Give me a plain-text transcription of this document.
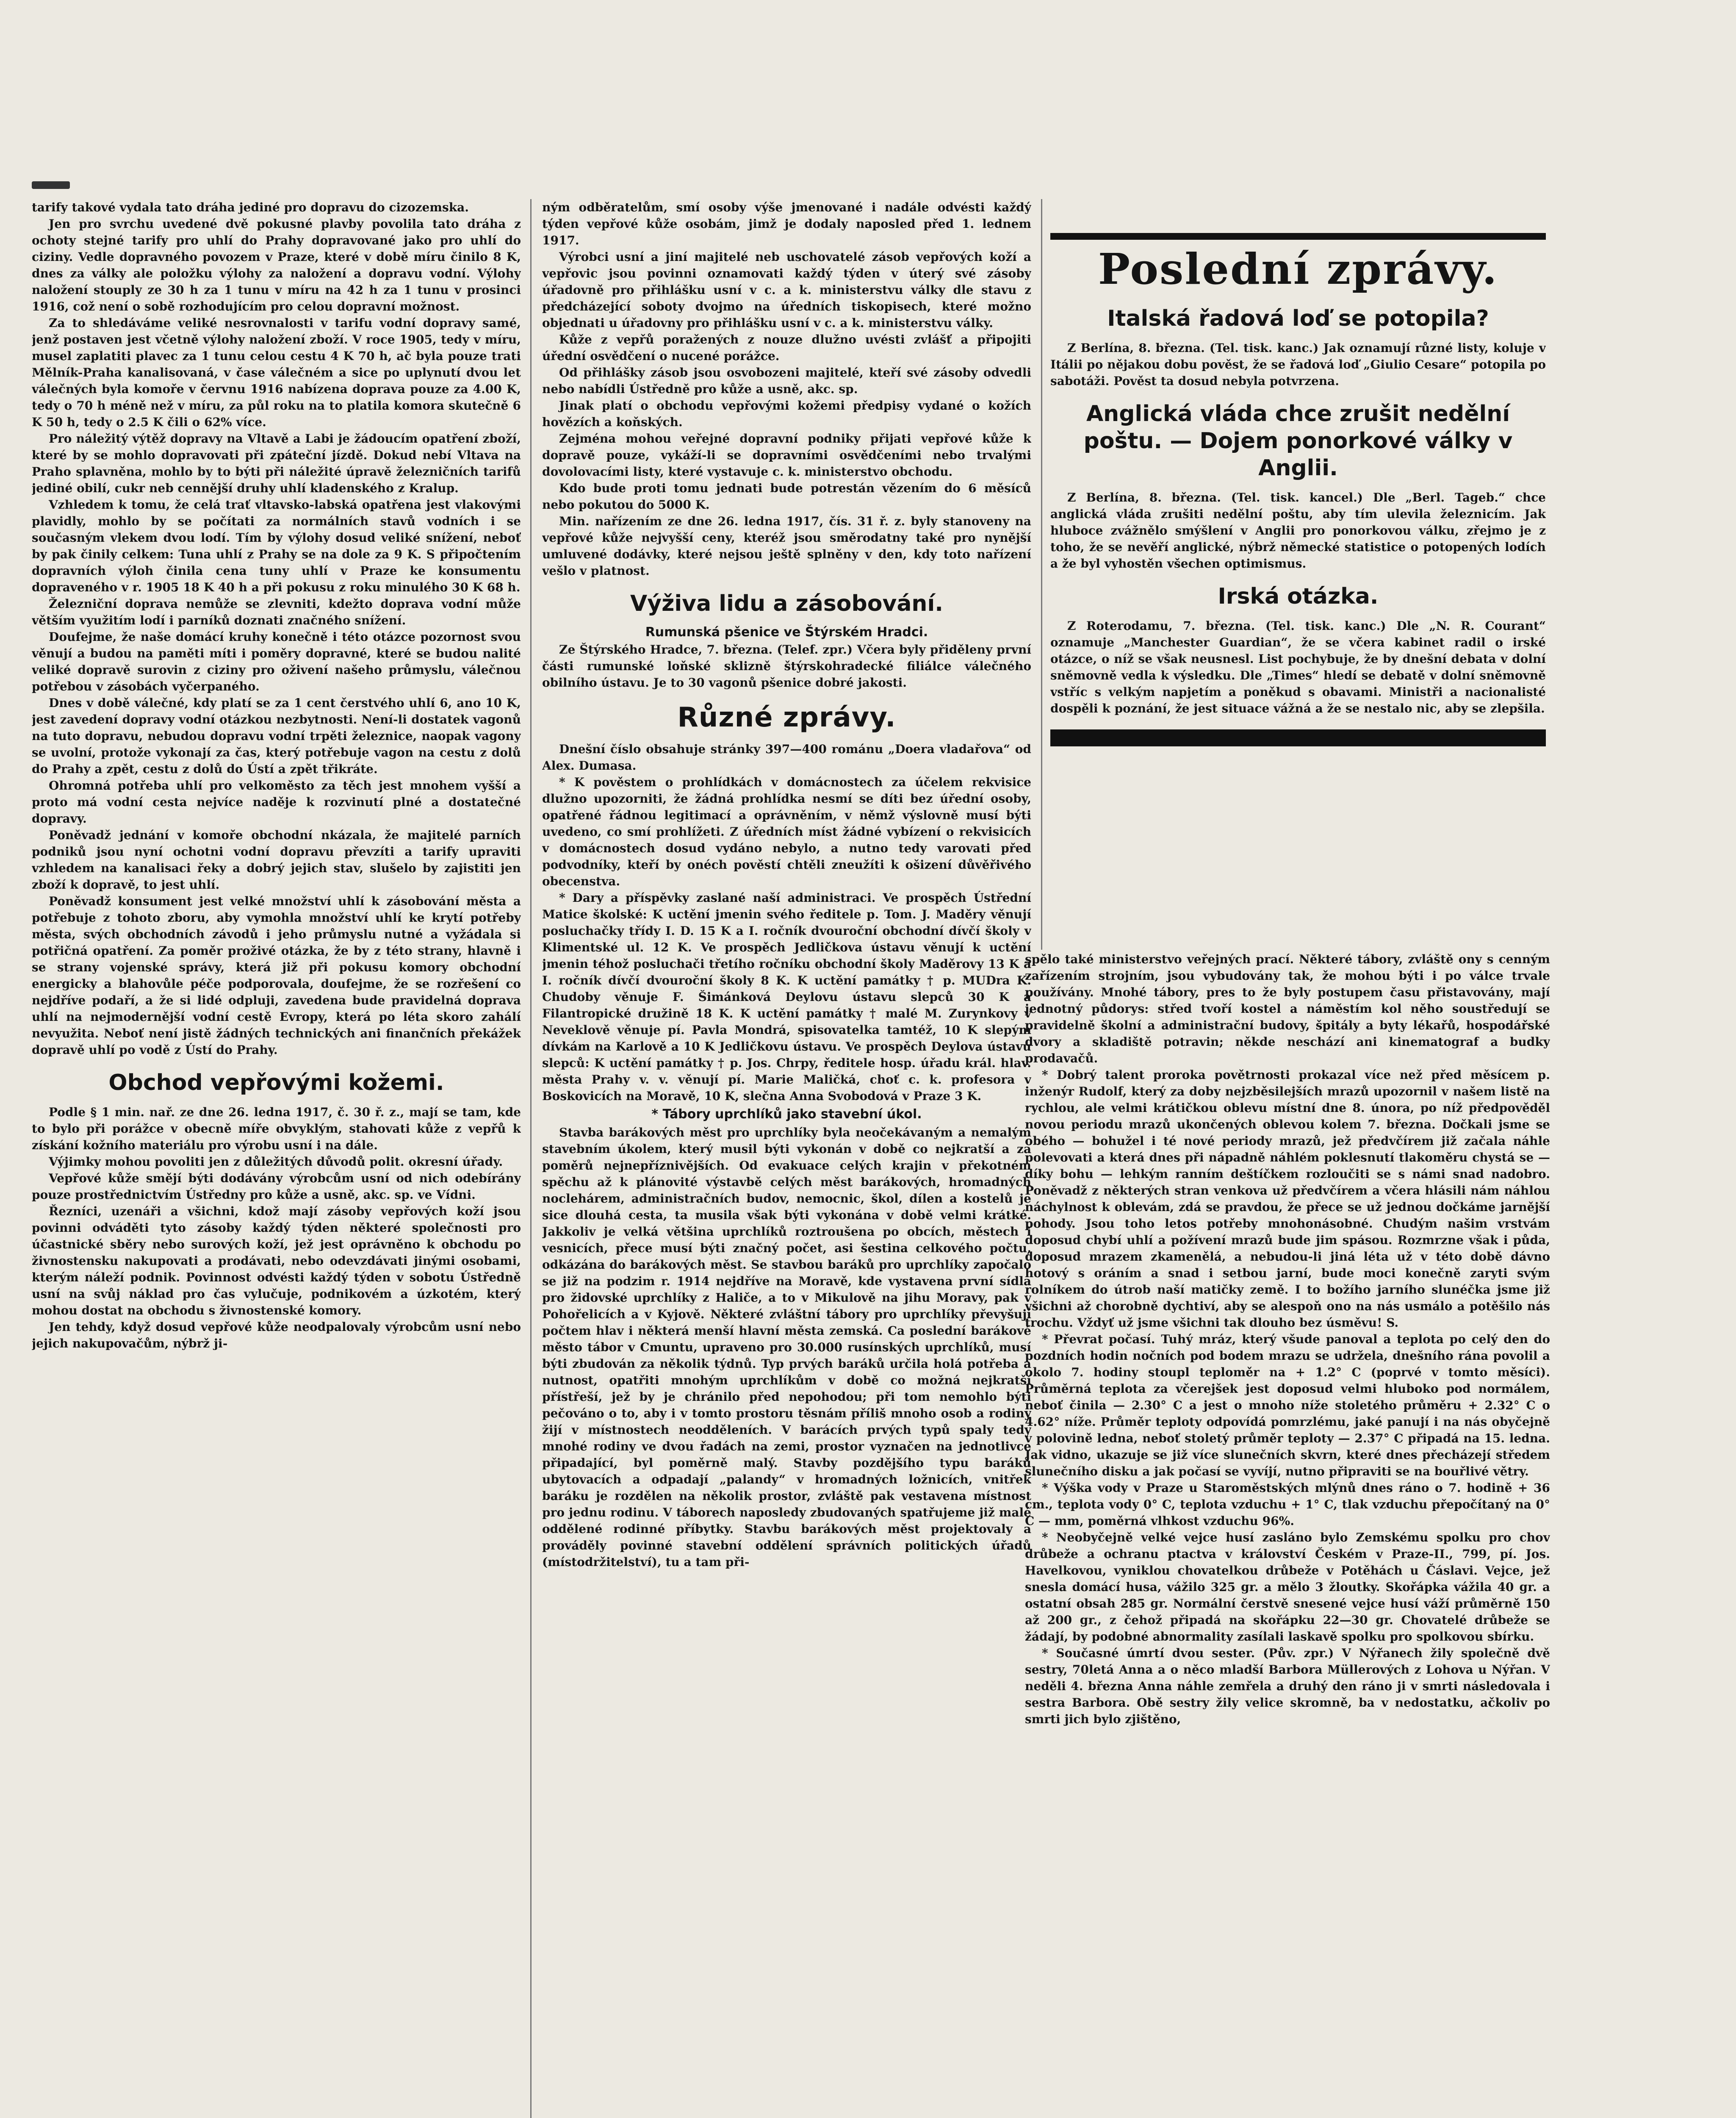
tarify takové vydala tato dráha jediné pro dopravu do cizozemska.

Jen pro svrchu uvedené dvě pokusné plavby povolila tato dráha z ochoty stejné tarify pro uhlí do Prahy dopravované jako pro uhlí do ciziny. Vedle dopravného povozem v Praze, které v době míru činilo 8 K, dnes za války ale položku výlohy za naložení a dopravu vodní. Výlohy naložení stouply ze 30 h za 1 tunu v míru na 42 h za 1 tunu v prosinci 1916, což není o sobě rozhodujícím pro celou dopravní možnost.

Za to shledáváme veliké nesrovnalosti v tarifu vodní dopravy samé, jenž postaven jest včetně výlohy naložení zboží. V roce 1905, tedy v míru, musel zaplatiti plavec za 1 tunu celou cestu 4 K 70 h, ač byla pouze trati Mělník-Praha kanalisovaná, v čase válečném a sice po uplynutí dvou let válečných byla komoře v červnu 1916 nabízena doprava pouze za 4.00 K, tedy o 70 h méně než v míru, za půl roku na to platila komora skutečně 6 K 50 h, tedy o 2.5 K čili o 62% více.

Pro náležitý výtěž dopravy na Vltavě a Labi je žádoucím opatření zboží, které by se mohlo dopravovati při zpáteční jízdě. Dokud nebí Vltava na Praho splavněna, mohlo by to býti při náležité úpravě železničních tarifů jediné obilí, cukr neb cennější druhy uhlí kladenského z Kralup.

Vzhledem k tomu, že celá trať vltavsko-labská opatřena jest vlakovými plavidly, mohlo by se počítati za normálních stavů vodních i se současným vlekem dvou lodí. Tím by výlohy dosud veliké snížení, neboť by pak činily celkem: Tuna uhlí z Prahy se na dole za 9 K. S připočtením dopravních výloh činila cena tuny uhlí v Praze ke konsumentu dopraveného v r. 1905 18 K 40 h a při pokusu z roku minulého 30 K 68 h.

Železniční doprava nemůže se zlevniti, kdežto doprava vodní může větším využitím lodí i parníků doznati značného snížení.

Doufejme, že naše domácí kruhy konečně i této otázce pozornost svou věnují a budou na paměti míti i poměry dopravné, které se budou nalité veliké dopravě surovin z ciziny pro oživení našeho průmyslu, válečnou potřebou v zásobách vyčerpaného.

Dnes v době válečné, kdy platí se za 1 cent čerstvého uhlí 6, ano 10 K, jest zavedení dopravy vodní otázkou nezbytnosti. Není-li dostatek vagonů na tuto dopravu, nebudou dopravu vodní trpěti železnice, naopak vagony se uvolní, protože vykonají za čas, který potřebuje vagon na cestu z dolů do Prahy a zpět, cestu z dolů do Ústí a zpět třikráte.

Ohromná potřeba uhlí pro velkoměsto za těch jest mnohem vyšší a proto má vodní cesta nejvíce naděje k rozvinutí plné a dostatečné dopravy.

Poněvadž jednání v komoře obchodní nkázala, že majitelé parních podniků jsou nyní ochotni vodní dopravu převzíti a tarify upraviti vzhledem na kanalisaci řeky a dobrý jejich stav, slušelo by zajistiti jen zboží k dopravě, to jest uhlí.

Poněvadž konsument jest velké množství uhlí k zásobování města a potřebuje z tohoto zboru, aby vymohla množství uhlí ke krytí potřeby města, svých obchodních závodů i jeho průmyslu nutné a vyžádala si potřičná opatření. Za poměr proživé otázka, že by z této strany, hlavně i se strany vojenské správy, která již při pokusu komory obchodní energicky a blahovůle péče podporovala, doufejme, že se rozřešení co nejdříve podaří, a že si lidé odpluji, zavedena bude pravidelná doprava uhlí na nejmodernější vodní cestě Evropy, která po léta skoro zahálí nevyužita. Neboť není jistě žádných technických ani finančních překážek dopravě uhlí po vodě z Ústí do Prahy.

Obchod vepřovými kožemi.

Podle § 1 min. nař. ze dne 26. ledna 1917, č. 30 ř. z., mají se tam, kde to bylo při porážce v obecně míře obvyklým, stahovati kůže z vepřů k získání kožního materiálu pro výrobu usní i na dále.

Výjimky mohou povoliti jen z důležitých důvodů polit. okresní úřady.

Vepřové kůže smějí býti dodávány výrobcům usní od nich odebírány pouze prostřednictvím Ústředny pro kůže a usně, akc. sp. ve Vídni.

Řezníci, uzenáři a všichni, kdož mají zásoby vepřových koží jsou povinni odváděti tyto zásoby každý týden některé společnosti pro účastnické sběry nebo surových koží, jež jest oprávněno k obchodu po živnostensku nakupovati a prodávati, nebo odevzdávati jinými osobami, kterým náleží podnik. Povinnost odvésti každý týden v sobotu Ústředně usní na svůj náklad pro čas vylučuje, podnikovém a úzkotém, který mohou dostat na obchodu s živnostenské komory.

Jen tehdy, když dosud vepřové kůže neodpalovaly výrobcům usní nebo jejich nakupovačům, nýbrž ji-

ným odběratelům, smí osoby výše jmenované i nadále odvésti každý týden vepřové kůže osobám, jimž je dodaly naposled před 1. lednem 1917.

Výrobci usní a jiní majitelé neb uschovatelé zásob vepřových koží a vepřovic jsou povinni oznamovati každý týden v úterý své zásoby úřadovně pro přihlášku usní v c. a k. ministerstvu války dle stavu z předcházející soboty dvojmo na úředních tiskopisech, které možno objednati u úřadovny pro přihlášku usní v c. a k. ministerstvu války.

Kůže z vepřů poražených z nouze dlužno uvésti zvlášť a připojiti úřední osvědčení o nucené porážce.

Od přihlášky zásob jsou osvobozeni majitelé, kteří své zásoby odvedli nebo nabídli Ústředně pro kůže a usně, akc. sp.

Jinak platí o obchodu vepřovými kožemi předpisy vydané o kožích hovězích a koňských.

Zejména mohou veřejné dopravní podniky přijati vepřové kůže k dopravě pouze, vykáží-li se dopravními osvědčeními nebo trvalými dovolovacími listy, které vystavuje c. k. ministerstvo obchodu.

Kdo bude proti tomu jednati bude potrestán vězením do 6 měsíců nebo pokutou do 5000 K.

Min. nařízením ze dne 26. ledna 1917, čís. 31 ř. z. byly stanoveny na vepřové kůže nejvyšší ceny, kteréž jsou směrodatny také pro nynější umluvené dodávky, které nejsou ještě splněny v den, kdy toto nařízení vešlo v platnost.

Výživa lidu a zásobování.
Rumunská pšenice ve Štýrském Hradci.

Ze Štýrského Hradce, 7. března. (Telef. zpr.) Včera byly přiděleny první části rumunské loňské sklizně štýrskohradecké filiálce válečného obilního ústavu. Je to 30 vagonů pšenice dobré jakosti.

Různé zprávy.

Dnešní číslo obsahuje stránky 397—400 románu „Doera vladařova“ od Alex. Dumasa.

* K pověstem o prohlídkách v domácnostech za účelem rekvisice dlužno upozorniti, že žádná prohlídka nesmí se díti bez úřední osoby, opatřené řádnou legitimací a oprávněním, v němž výslovně musí býti uvedeno, co smí prohlížeti. Z úředních míst žádné vybízení o rekvisicích v domácnostech dosud vydáno nebylo, a nutno tedy varovati před podvodníky, kteří by onéch pověstí chtěli zneužíti k ošizení důvěřivého obecenstva.

* Dary a příspěvky zaslané naší administraci. Ve prospěch Ústřední Matice školské: K uctění jmenin svého ředitele p. Tom. J. Maděry věnují posluchačky třídy I. D. 15 K a I. ročník dvouroční obchodní dívčí školy v Klimentské ul. 12 K. Ve prospěch Jedličkova ústavu věnují k uctění jmenin téhož posluchači třetího ročníku obchodní školy Maděrovy 13 K a I. ročník dívčí dvouroční školy 8 K. K uctění památky † p. MUDra K. Chudoby věnuje F. Šimánková Deylovu ústavu slepců 30 K a Filantropické družině 18 K. K uctění památky † malé M. Zurynkovy v Neveklově věnuje pí. Pavla Mondrá, spisovatelka tamtéž, 10 K slepým dívkám na Karlově a 10 K Jedličkovu ústavu. Ve prospěch Deylova ústavu slepců: K uctění památky † p. Jos. Chrpy, ředitele hosp. úřadu král. hlav. města Prahy v. v. věnují pí. Marie Maličká, choť c. k. profesora v Boskovicích na Moravě, 10 K, slečna Anna Svobodová v Praze 3 K.

* Tábory uprchlíků jako stavební úkol.

Stavba barákových měst pro uprchlíky byla neočekávaným a nemalým stavebním úkolem, který musil býti vykonán v době co nejkratší a za poměrů nejnepříznivějších. Od evakuace celých krajin v překotném spěchu až k plánovité výstavbě celých měst barákových, hromadných noclehárem, administračních budov, nemocnic, škol, dílen a kostelů je sice dlouhá cesta, ta musila však býti vykonána v době velmi krátké. Jakkoliv je velká většina uprchlíků roztroušena po obcích, městech i vesnicích, přece musí býti značný počet, asi šestina celkového počtu, odkázána do barákových měst. Se stavbou baráků pro uprchlíky započalo se již na podzim r. 1914 nejdříve na Moravě, kde vystavena první sídla pro židovské uprchlíky z Haliče, a to v Mikulově na jihu Moravy, pak v Pohořelicích a v Kyjově. Některé zvláštní tábory pro uprchlíky převyšují počtem hlav i některá menší hlavní města zemská. Ca poslední barákové město tábor v Cmuntu, upraveno pro 30.000 rusínských uprchlíků, musí býti zbudován za několik týdnů. Typ prvých baráků určila holá potřeba a nutnost, opatřiti mnohým uprchlíkům v době co možná nejkratší přístřeší, jež by je chránilo před nepohodou; při tom nemohlo býti pečováno o to, aby i v tomto prostoru těsnám příliš mnoho osob a rodiny žijí v místnostech neodděleních. V barácích prvých typů spaly tedy mnohé rodiny ve dvou řadách na zemi, prostor vyznačen na jednotlivce připadající, byl poměrně malý. Stavby pozdějšího typu baráků ubytovacích a odpadají „palandy“ v hromadných ložnicích, vnitřek baráku je rozdělen na několik prostor, zvláště pak vestavena místnost pro jednu rodinu. V táborech naposledy zbudovaných spatřujeme již malé oddělené rodinné příbytky. Stavbu barákových měst projektovaly a prováděly povinné stavební oddělení správních politických úřadů (místodržitelství), tu a tam při-

Poslední zprávy.
Italská řadová loď se potopila?

Z Berlína, 8. března. (Tel. tisk. kanc.) Jak oznamují různé listy, koluje v Itálii po nějakou dobu pověst, že se řadová loď „Giulio Cesare“ potopila po sabotáži. Pověst ta dosud nebyla potvrzena.

Anglická vláda chce zrušit nedělní poštu. — Dojem ponorkové války v Anglii.

Z Berlína, 8. března. (Tel. tisk. kancel.) Dle „Berl. Tageb.“ chce anglická vláda zrušiti nedělní poštu, aby tím ulevila železnicím. Jak hluboce zvážnělo smýšlení v Anglii pro ponorkovou válku, zřejmo je z toho, že se nevěří anglické, nýbrž německé statistice o potopených lodích a že byl vyhostěn všechen optimismus.

Irská otázka.

Z Roterodamu, 7. března. (Tel. tisk. kanc.) Dle „N. R. Courant“ oznamuje „Manchester Guardian“, že se včera kabinet radil o irské otázce, o níž se však neusnesl. List pochybuje, že by dnešní debata v dolní sněmovně vedla k výsledku. Dle „Times“ hledí se debatě v dolní sněmovně vstříc s velkým napjetím a poněkud s obavami. Ministři a nacionalisté dospěli k poznání, že jest situace vážná a že se nestalo nic, aby se zlepšila.

spělo také ministerstvo veřejných prací. Některé tábory, zvláště ony s cenným zařízením strojním, jsou vybudovány tak, že mohou býti i po válce trvale používány. Mnohé tábory, pres to že byly postupem času přistavovány, mají jednotný půdorys: střed tvoří kostel a náměstím kol něho soustředují se pravidelně školní a administrační budovy, špitály a byty lékařů, hospodářské dvory a skladiště potravin; někde neschází ani kinematograf a budky prodavačů.

* Dobrý talent proroka povětrnosti prokazal více než před měsícem p. inženýr Rudolf, který za doby nejzběsilejších mrazů upozornil v našem listě na rychlou, ale velmi krátičkou oblevu místní dne 8. února, po níž předpověděl novou periodu mrazů ukončených oblevou kolem 7. března. Dočkali jsme se obého — bohužel i té nové periody mrazů, jež předvčírem již začala náhle polevovati a která dnes při nápadně náhlém poklesnutí tlakoměru chystá se — díky bohu — lehkým ranním deštíčkem rozloučiti se s námi snad nadobro. Poněvadž z některých stran venkova už předvčírem a včera hlásili nám náhlou náchylnost k oblevám, zdá se pravdou, že přece se už jednou dočkáme jarnější pohody. Jsou toho letos potřeby mnohonásobné. Chudým našim vrstvám doposud chybí uhlí a požívení mrazů bude jim spásou. Rozmrzne však i půda, doposud mrazem zkamenělá, a nebudou-li jiná léta už v této době dávno hotový s oráním a snad i setbou jarní, bude moci konečně zaryti svým rolníkem do útrob naší matičky země. I to božího jarního slunéčka jsme již všichni až chorobně dychtiví, aby se alespoň ono na nás usmálo a potěšilo nás trochu. Vždyť už jsme všichni tak dlouho bez úsměvu! S.

* Převrat počasí. Tuhý mráz, který všude panoval a teplota po celý den do pozdních hodin nočních pod bodem mrazu se udržela, dnešního rána povolil a okolo 7. hodiny stoupl teploměr na + 1.2° C (poprvé v tomto měsíci). Průměrná teplota za včerejšek jest doposud velmi hluboko pod normálem, neboť činila — 2.30° C a jest o mnoho níže stoletého průměru + 2.32° C o 4.62° níže. Průměr teploty odpovídá pomrzlému, jaké panují i na nás obyčejně v polovině ledna, neboť stoletý průměr teploty — 2.37° C připadá na 15. ledna. Jak vidno, ukazuje se již více slunečních skvrn, které dnes přecházejí středem slunečního disku a jak počasí se vyvíjí, nutno připraviti se na bouřlivé větry.

* Výška vody v Praze u Staroměstských mlýnů dnes ráno o 7. hodině + 36 cm., teplota vody 0° C, teplota vzduchu + 1° C, tlak vzduchu přepočítaný na 0° C — mm, poměrná vlhkost vzduchu 96%.

* Neobyčejně velké vejce husí zasláno bylo Zemskému spolku pro chov drůbeže a ochranu ptactva v království Českém v Praze-II., 799, pí. Jos. Havelkovou, vyniklou chovatelkou drůbeže v Potěhách u Čáslavi. Vejce, jež snesla domácí husa, vážilo 325 gr. a mělo 3 žloutky. Skořápka vážila 40 gr. a ostatní obsah 285 gr. Normální čerstvě snesené vejce husí váží průměrně 150 až 200 gr., z čehož připadá na skořápku 22—30 gr. Chovatelé drůbeže se žádají, by podobné abnormality zasílali laskavě spolku pro spolkovou sbírku.

* Současné úmrtí dvou sester. (Pův. zpr.) V Nýřanech žily společně dvě sestry, 70letá Anna a o něco mladší Barbora Müllerových z Lohova u Nýřan. V neděli 4. března Anna náhle zemřela a druhý den ráno ji v smrti následovala i sestra Barbora. Obě sestry žily velice skromně, ba v nedostatku, ačkoliv po smrti jich bylo zjištěno,
